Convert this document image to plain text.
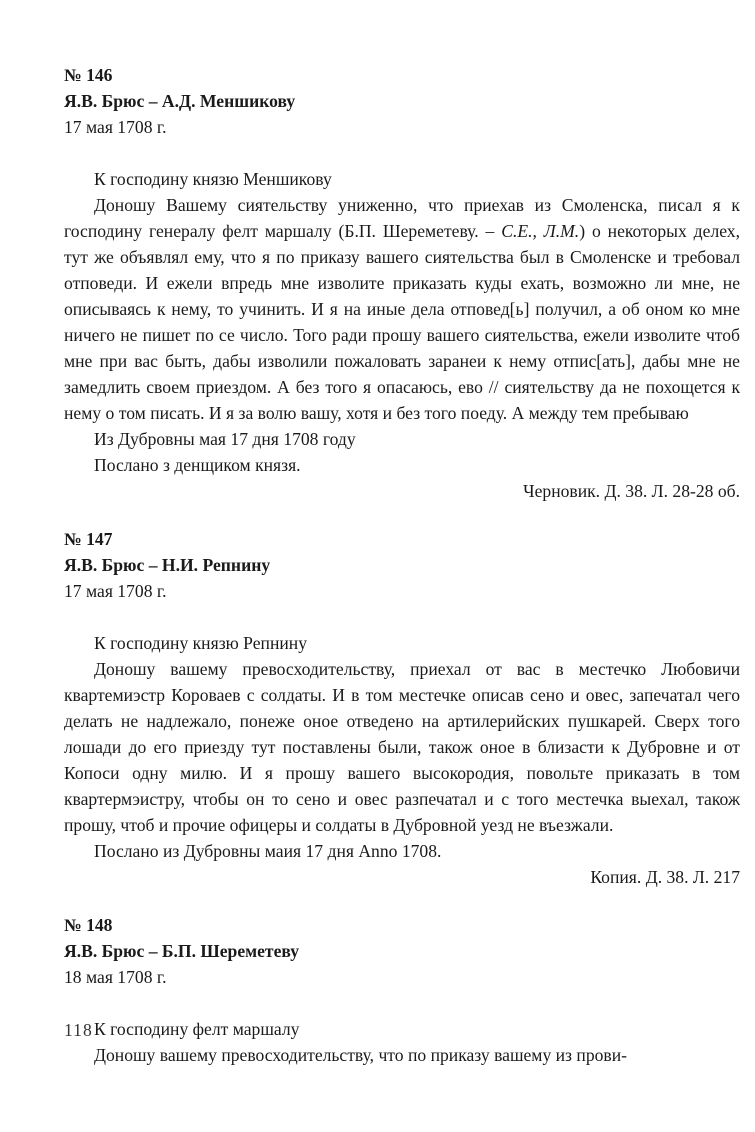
№ 146
Я.В. Брюс – А.Д. Меншикову
17 мая 1708 г.
К господину князю Меншикову

Доношу Вашему сиятельству униженно, что приехав из Смоленска, писал я к господину генералу фелт маршалу (Б.П. Шереметеву. – С.Е., Л.М.) о некоторых делех, тут же объявлял ему, что я по приказу вашего сиятельства был в Смоленске и требовал отповеди. И ежели впредь мне изволите приказать куды ехать, возможно ли мне, не описываясь к нему, то учинить. И я на иные дела отповед[ь] получил, а об оном ко мне ничего не пишет по се число. Того ради прошу вашего сиятельства, ежели изволите чтоб мне при вас быть, дабы изволили пожаловать заранеи к нему отпис[ать], дабы мне не замедлить своем приездом. А без того я опасаюсь, ево // сиятельству да не похощется к нему о том писать. И я за волю вашу, хотя и без того поеду. А между тем пребываю

Из Дубровны мая 17 дня 1708 году
Послано з денщиком князя.
Черновик. Д. 38. Л. 28-28 об.
№ 147
Я.В. Брюс – Н.И. Репнину
17 мая 1708 г.
К господину князю Репнину

Доношу вашему превосходительству, приехал от вас в местечко Любовичи квартемиэстр Короваев с солдаты. И в том местечке описав сено и овес, запечатал чего делать не надлежало, понеже оное отведено на артилерийских пушкарей. Сверх того лошади до его приезду тут поставлены были, також оное в близасти к Дубровне и от Копоси одну милю. И я прошу вашего высокородия, повольте приказать в том квартермэистру, чтобы он то сено и овес разпечатал и с того местечка выехал, також прошу, чтоб и прочие офицеры и солдаты в Дубровной уезд не въезжали.

Послано из Дубровны маия 17 дня Anno 1708.
Копия. Д. 38. Л. 217
№ 148
Я.В. Брюс – Б.П. Шереметеву
18 мая 1708 г.
К господину фелт маршалу

Доношу вашему превосходительству, что по приказу вашему из прови-

118
